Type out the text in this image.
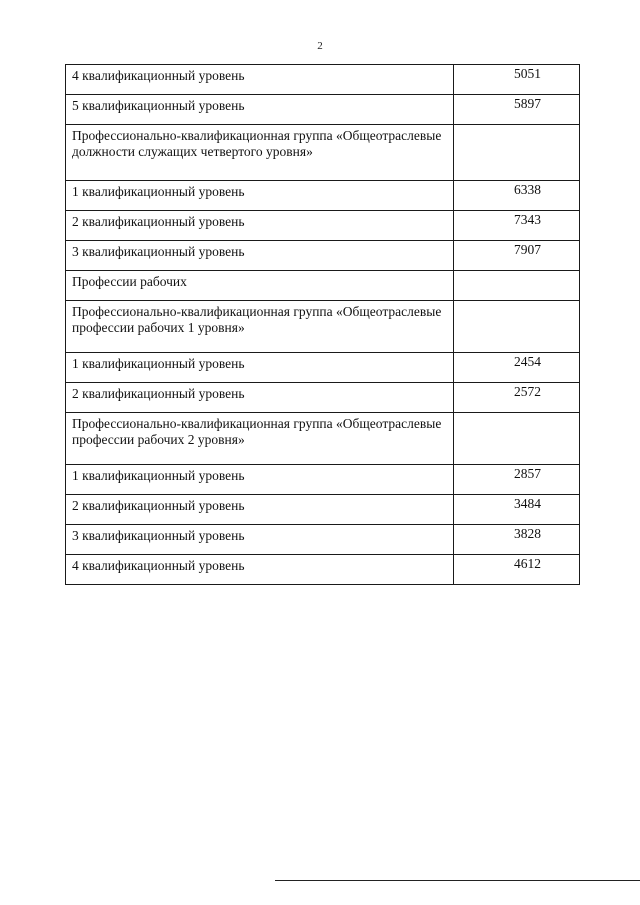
2
4 квалификационный уровень	5051
5 квалификационный уровень	5897
Профессионально-квалификационная группа «Общеотраслевые должности служащих четвертого уровня»	
1 квалификационный уровень	6338
2 квалификационный уровень	7343
3 квалификационный уровень	7907
Профессии рабочих	
Профессионально-квалификационная группа «Общеотраслевые профессии рабочих 1 уровня»	
1 квалификационный уровень	2454
2 квалификационный уровень	2572
Профессионально-квалификационная группа «Общеотраслевые профессии рабочих 2 уровня»	
1 квалификационный уровень	2857
2 квалификационный уровень	3484
3 квалификационный уровень	3828
4 квалификационный уровень	4612
